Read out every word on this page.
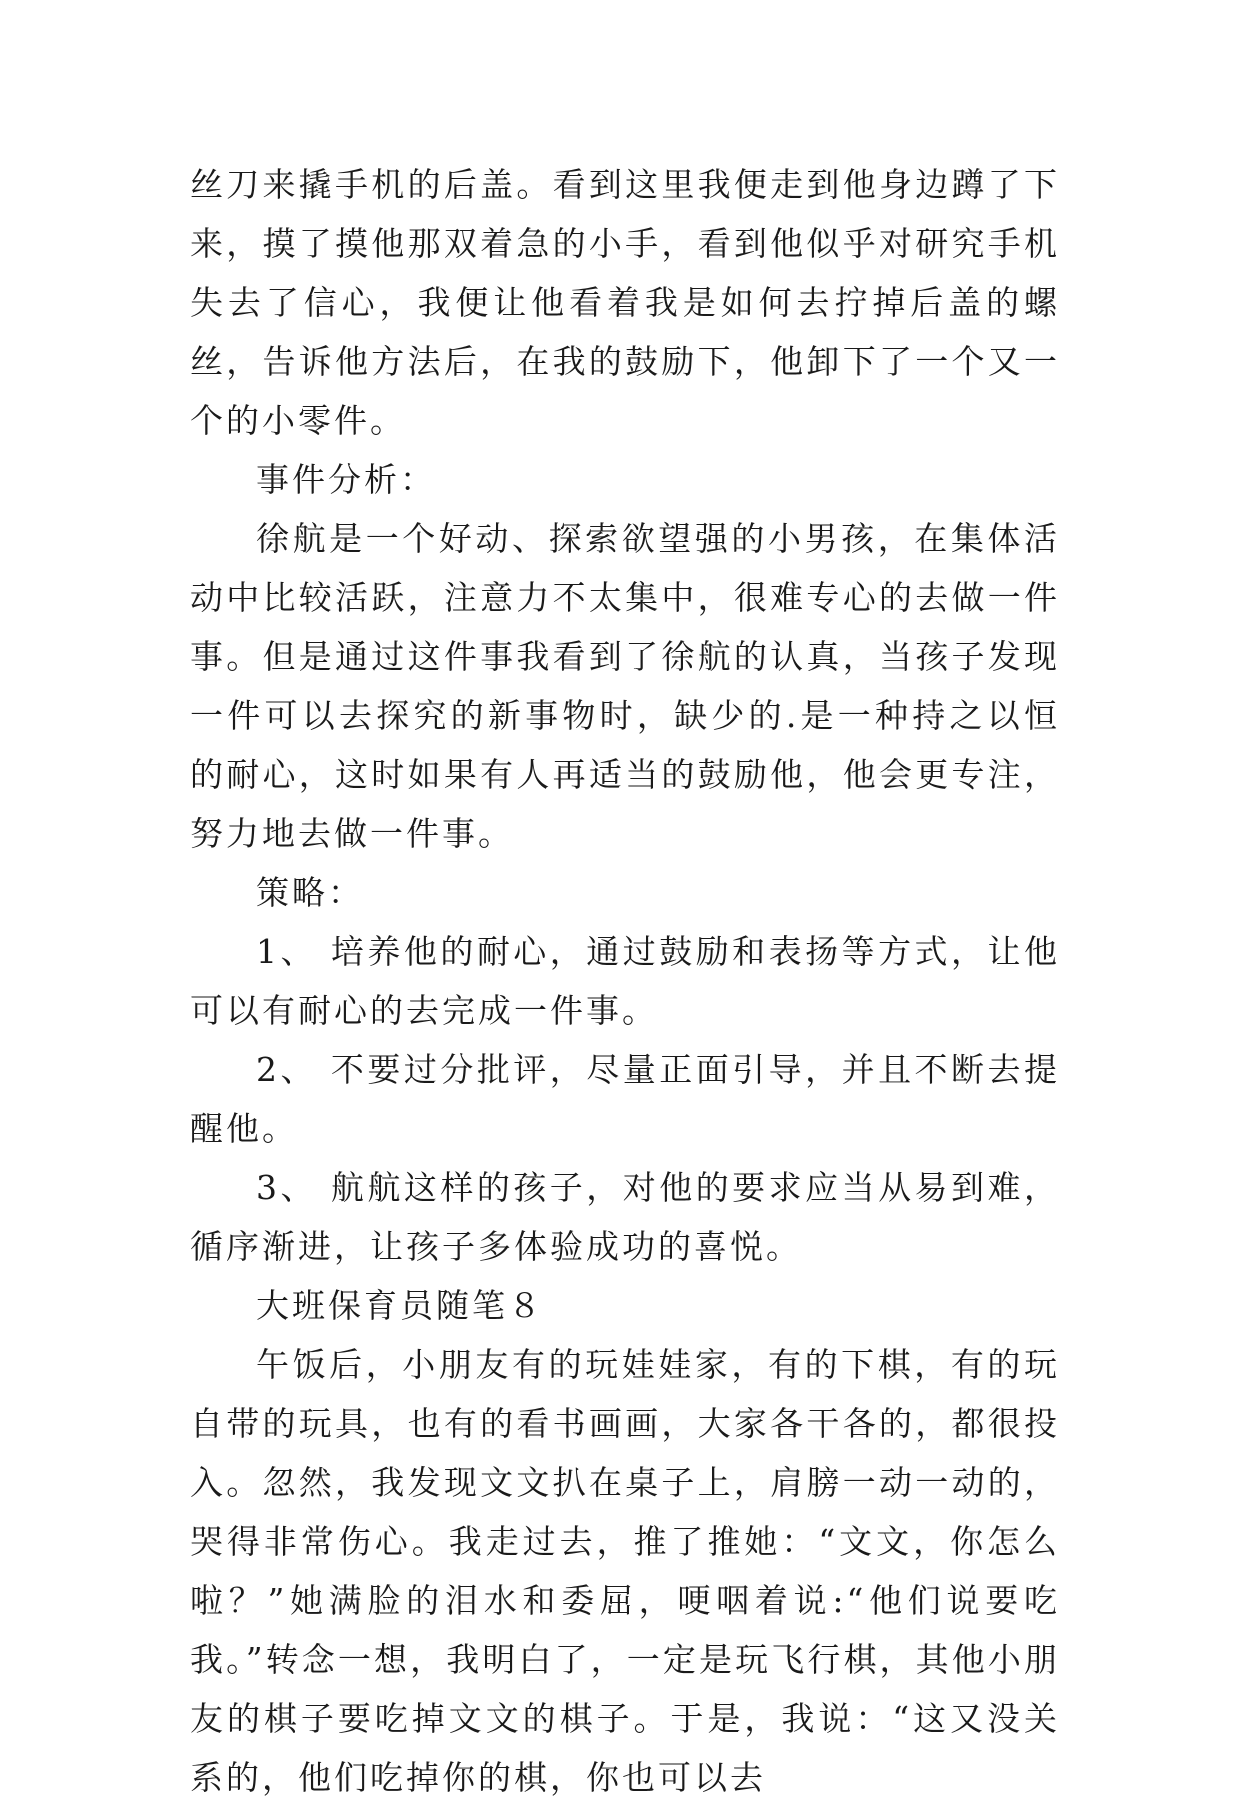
丝刀来撬手机的后盖。看到这里我便走到他身边蹲了下来，摸了摸他那双着急的小手，看到他似乎对研究手机失去了信心，我便让他看着我是如何去拧掉后盖的螺丝，告诉他方法后，在我的鼓励下，他卸下了一个又一个的小零件。

事件分析：

徐航是一个好动、探索欲望强的小男孩，在集体活动中比较活跃，注意力不太集中，很难专心的去做一件事。但是通过这件事我看到了徐航的认真，当孩子发现一件可以去探究的新事物时，缺少的.是一种持之以恒的耐心，这时如果有人再适当的鼓励他，他会更专注，努力地去做一件事。

策略：

1、 培养他的耐心，通过鼓励和表扬等方式，让他可以有耐心的去完成一件事。

2、 不要过分批评，尽量正面引导，并且不断去提醒他。

3、 航航这样的孩子，对他的要求应当从易到难，循序渐进，让孩子多体验成功的喜悦。

大班保育员随笔８

午饭后，小朋友有的玩娃娃家，有的下棋，有的玩自带的玩具，也有的看书画画，大家各干各的，都很投入。忽然，我发现文文扒在桌子上，肩膀一动一动的，哭得非常伤心。我走过去，推了推她：“文文，你怎么啦？”她满脸的泪水和委屈，哽咽着说:“他们说要吃我。”转念一想，我明白了，一定是玩飞行棋，其他小朋友的棋子要吃掉文文的棋子。于是，我说：“这又没关系的，他们吃掉你的棋，你也可以去
